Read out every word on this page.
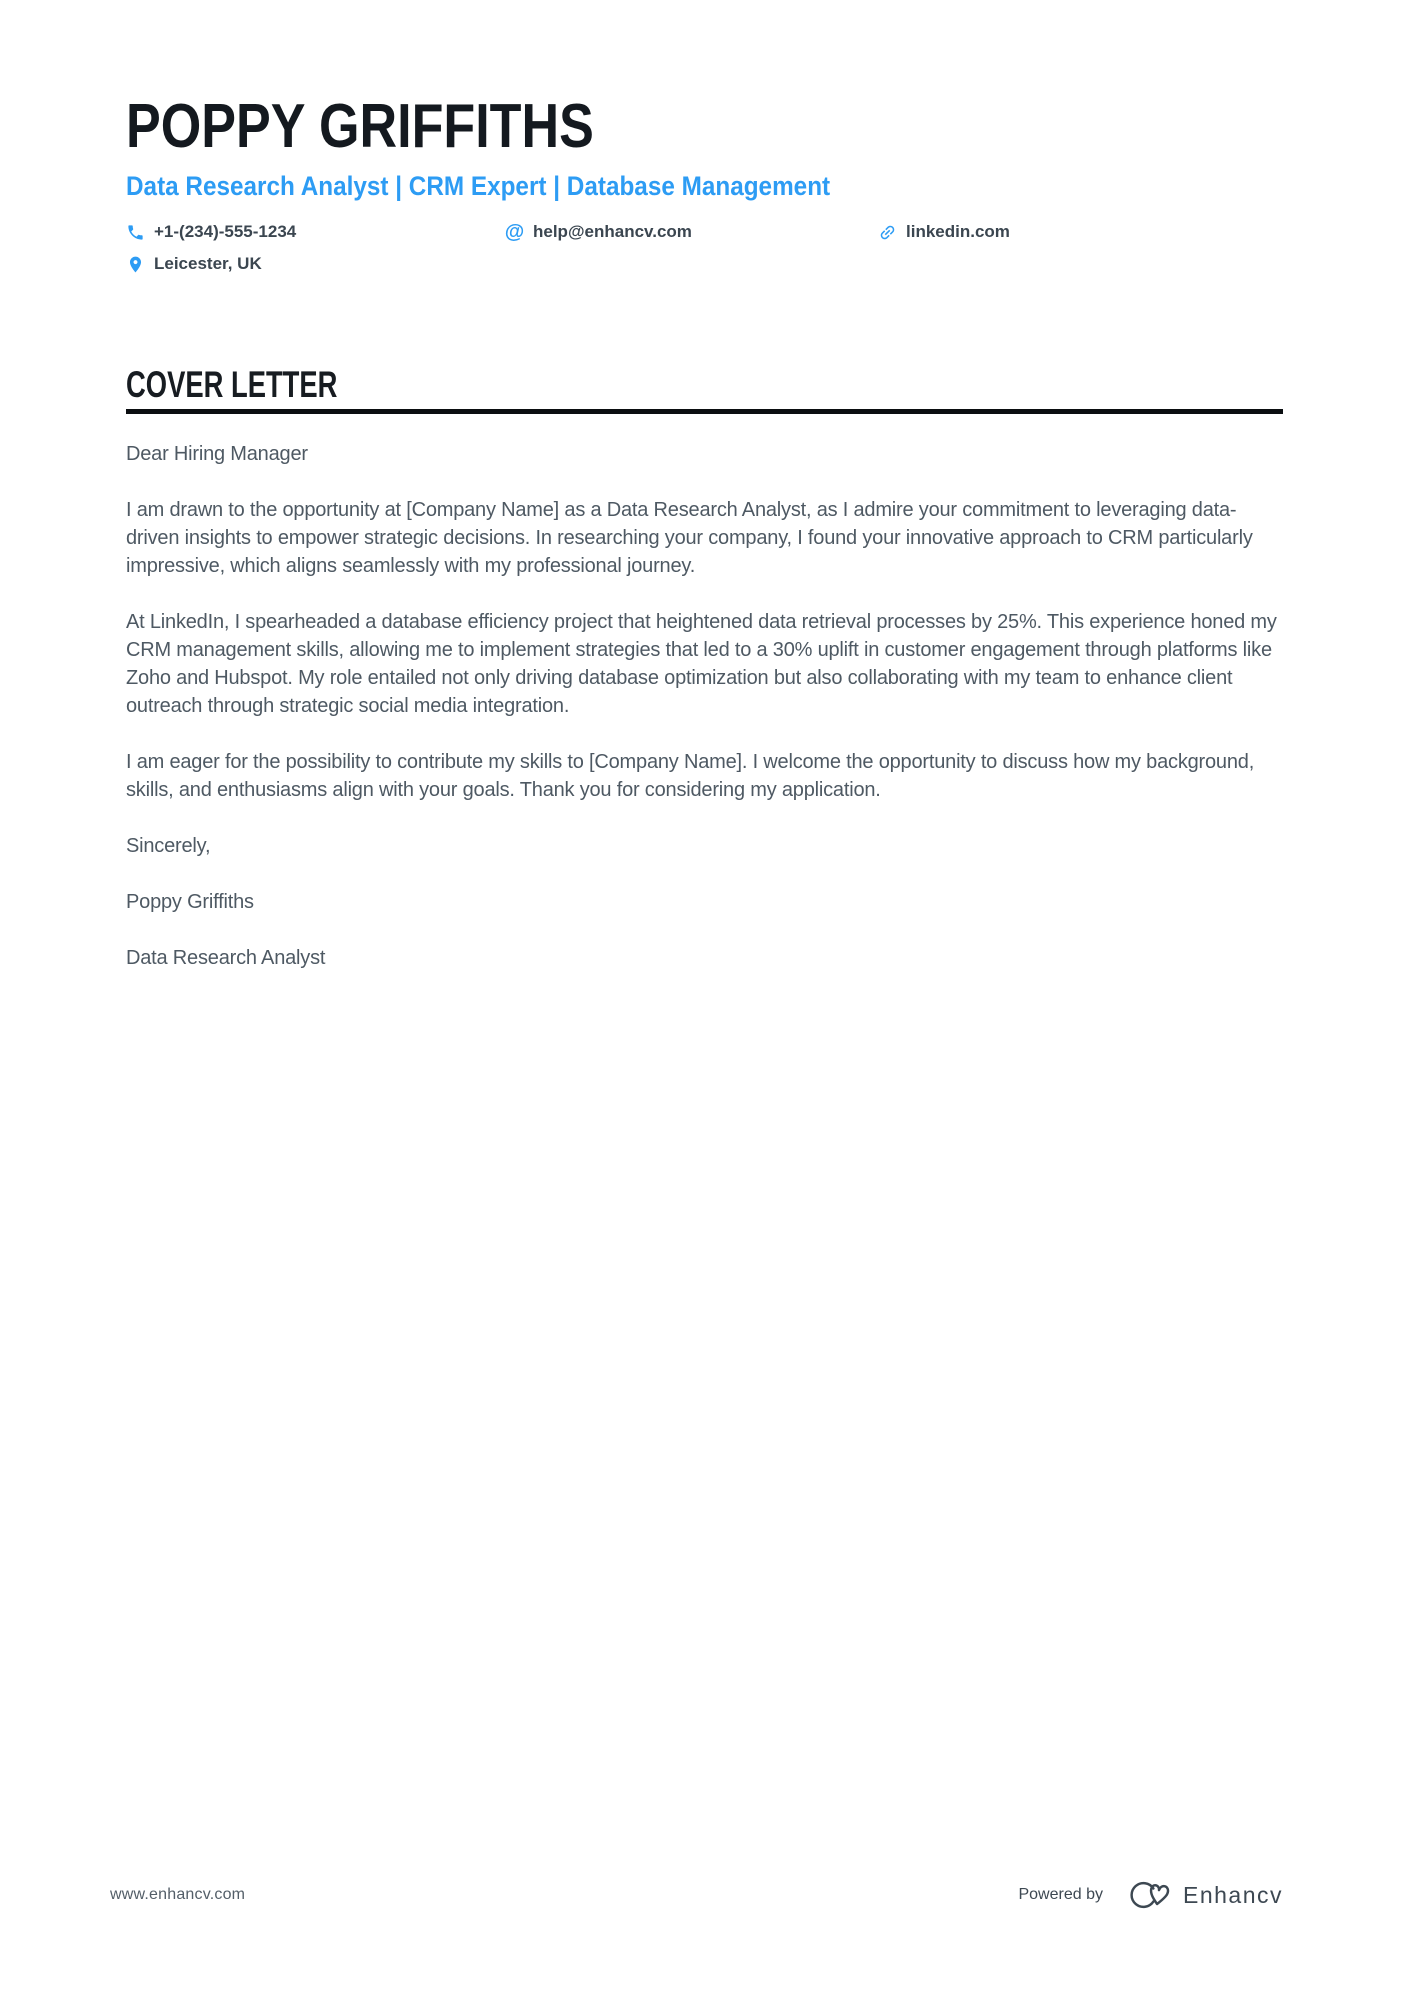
POPPY GRIFFITHS
Data Research Analyst | CRM Expert | Database Management
+1-(234)-555-1234	@ help@enhancv.com	linkedin.com
Leicester, UK
COVER LETTER

Dear Hiring Manager

I am drawn to the opportunity at [Company Name] as a Data Research Analyst, as I admire your commitment to leveraging data-driven insights to empower strategic decisions. In researching your company, I found your innovative approach to CRM particularly impressive, which aligns seamlessly with my professional journey.

At LinkedIn, I spearheaded a database efficiency project that heightened data retrieval processes by 25%. This experience honed my CRM management skills, allowing me to implement strategies that led to a 30% uplift in customer engagement through platforms like Zoho and Hubspot. My role entailed not only driving database optimization but also collaborating with my team to enhance client outreach through strategic social media integration.

I am eager for the possibility to contribute my skills to [Company Name]. I welcome the opportunity to discuss how my background, skills, and enthusiasms align with your goals. Thank you for considering my application.

Sincerely,

Poppy Griffiths

Data Research Analyst

www.enhancv.com	Powered by	Enhancv
